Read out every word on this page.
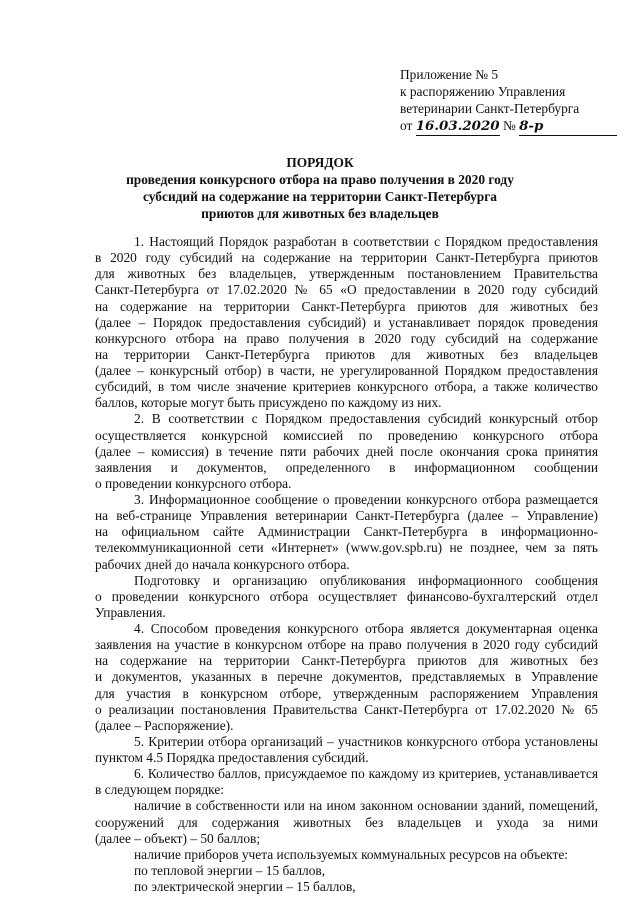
Приложение № 5
к распоряжению Управления
ветеринарии Санкт-Петербурга
от 16.03.2020 № 8-р
ПОРЯДОК
проведения конкурсного отбора на право получения в 2020 году
субсидий на содержание на территории Санкт-Петербурга
приютов для животных без владельцев
1. Настоящий Порядок разработан в соответствии с Порядком предоставления
в 2020 году субсидий на содержание на территории Санкт-Петербурга приютов
для животных без владельцев, утвержденным постановлением Правительства
Санкт-Петербурга от 17.02.2020 № 65 «О предоставлении в 2020 году субсидий
на содержание на территории Санкт-Петербурга приютов для животных без
(далее – Порядок предоставления субсидий) и устанавливает порядок проведения
конкурсного отбора на право получения в 2020 году субсидий на содержание
на территории Санкт-Петербурга приютов для животных без владельцев
(далее – конкурсный отбор) в части, не урегулированной Порядком предоставления
субсидий, в том числе значение критериев конкурсного отбора, а также количество
баллов, которые могут быть присуждено по каждому из них.
2. В соответствии с Порядком предоставления субсидий конкурсный отбор
осуществляется конкурсной комиссией по проведению конкурсного отбора
(далее – комиссия) в течение пяти рабочих дней после окончания срока принятия
заявления и документов, определенного в информационном сообщении
о проведении конкурсного отбора.
3. Информационное сообщение о проведении конкурсного отбора размещается
на веб-странице Управления ветеринарии Санкт-Петербурга (далее – Управление)
на официальном сайте Администрации Санкт-Петербурга в информационно-
телекоммуникационной сети «Интернет» (www.gov.spb.ru) не позднее, чем за пять
рабочих дней до начала конкурсного отбора.
Подготовку и организацию опубликования информационного сообщения
о проведении конкурсного отбора осуществляет финансово-бухгалтерский отдел
Управления.
4. Способом проведения конкурсного отбора является документарная оценка
заявления на участие в конкурсном отборе на право получения в 2020 году субсидий
на содержание на территории Санкт-Петербурга приютов для животных без
и документов, указанных в перечне документов, представляемых в Управление
для участия в конкурсном отборе, утвержденным распоряжением Управления
о реализации постановления Правительства Санкт-Петербурга от 17.02.2020 № 65
(далее – Распоряжение).
5. Критерии отбора организаций – участников конкурсного отбора установлены
пунктом 4.5 Порядка предоставления субсидий.
6. Количество баллов, присуждаемое по каждому из критериев, устанавливается
в следующем порядке:
наличие в собственности или на ином законном основании зданий, помещений,
сооружений для содержания животных без владельцев и ухода за ними
(далее – объект) – 50 баллов;
наличие приборов учета используемых коммунальных ресурсов на объекте:
по тепловой энергии – 15 баллов,
по электрической энергии – 15 баллов,
